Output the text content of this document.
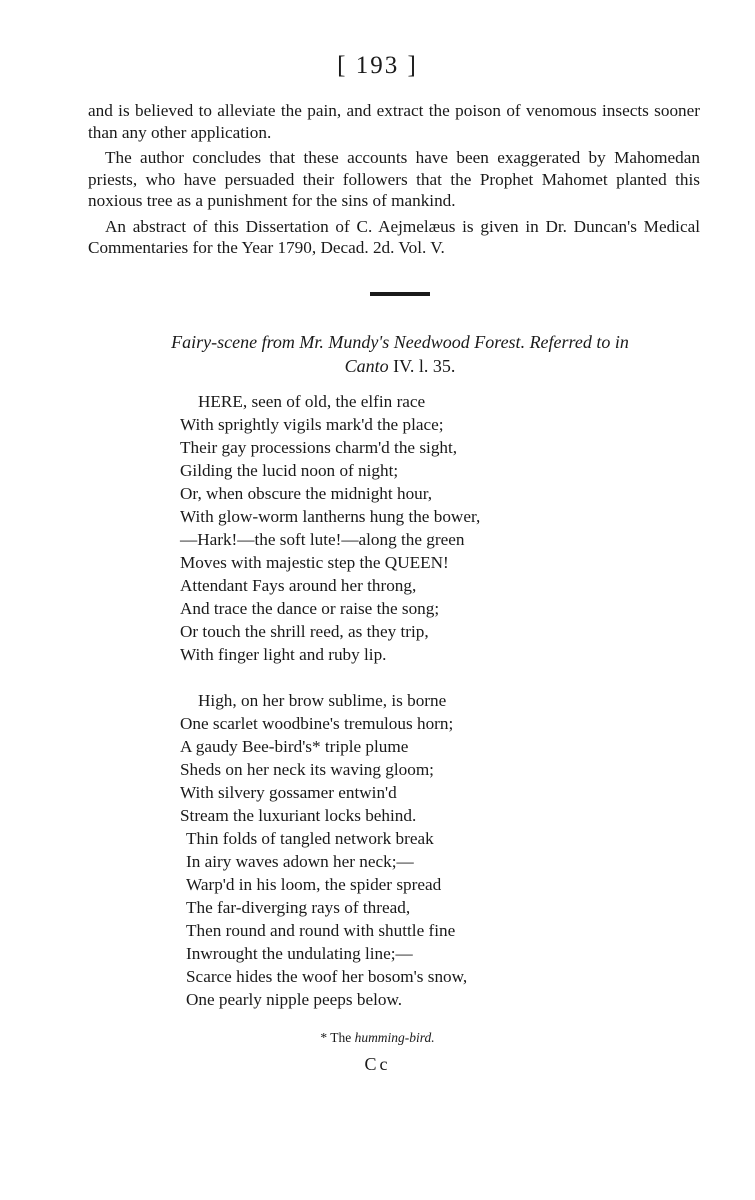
[ 193 ]

and is believed to alleviate the pain, and extract the poison of venomous insects sooner than any other application.

The author concludes that these accounts have been exaggerated by Mahomedan priests, who have persuaded their followers that the Prophet Mahomet planted this noxious tree as a punishment for the sins of mankind.

An abstract of this Dissertation of C. Aejmelæus is given in Dr. Duncan's Medical Commentaries for the Year 1790, Decad. 2d. Vol. V.

Fairy-scene from Mr. Mundy's Needwood Forest. Referred to in
Canto IV. l. 35.
HERE, seen of old, the elfin race
With sprightly vigils mark'd the place;
Their gay processions charm'd the sight,
Gilding the lucid noon of night;
Or, when obscure the midnight hour,
With glow-worm lantherns hung the bower,
—Hark!—the soft lute!—along the green
Moves with majestic step the QUEEN!
Attendant Fays around her throng,
And trace the dance or raise the song;
Or touch the shrill reed, as they trip,
With finger light and ruby lip.
High, on her brow sublime, is borne
One scarlet woodbine's tremulous horn;
A gaudy Bee-bird's* triple plume
Sheds on her neck its waving gloom;
With silvery gossamer entwin'd
Stream the luxuriant locks behind.
Thin folds of tangled network break
In airy waves adown her neck;—
Warp'd in his loom, the spider spread
The far-diverging rays of thread,
Then round and round with shuttle fine
Inwrought the undulating line;—
Scarce hides the woof her bosom's snow,
One pearly nipple peeps below.
* The humming-bird.
Cc
